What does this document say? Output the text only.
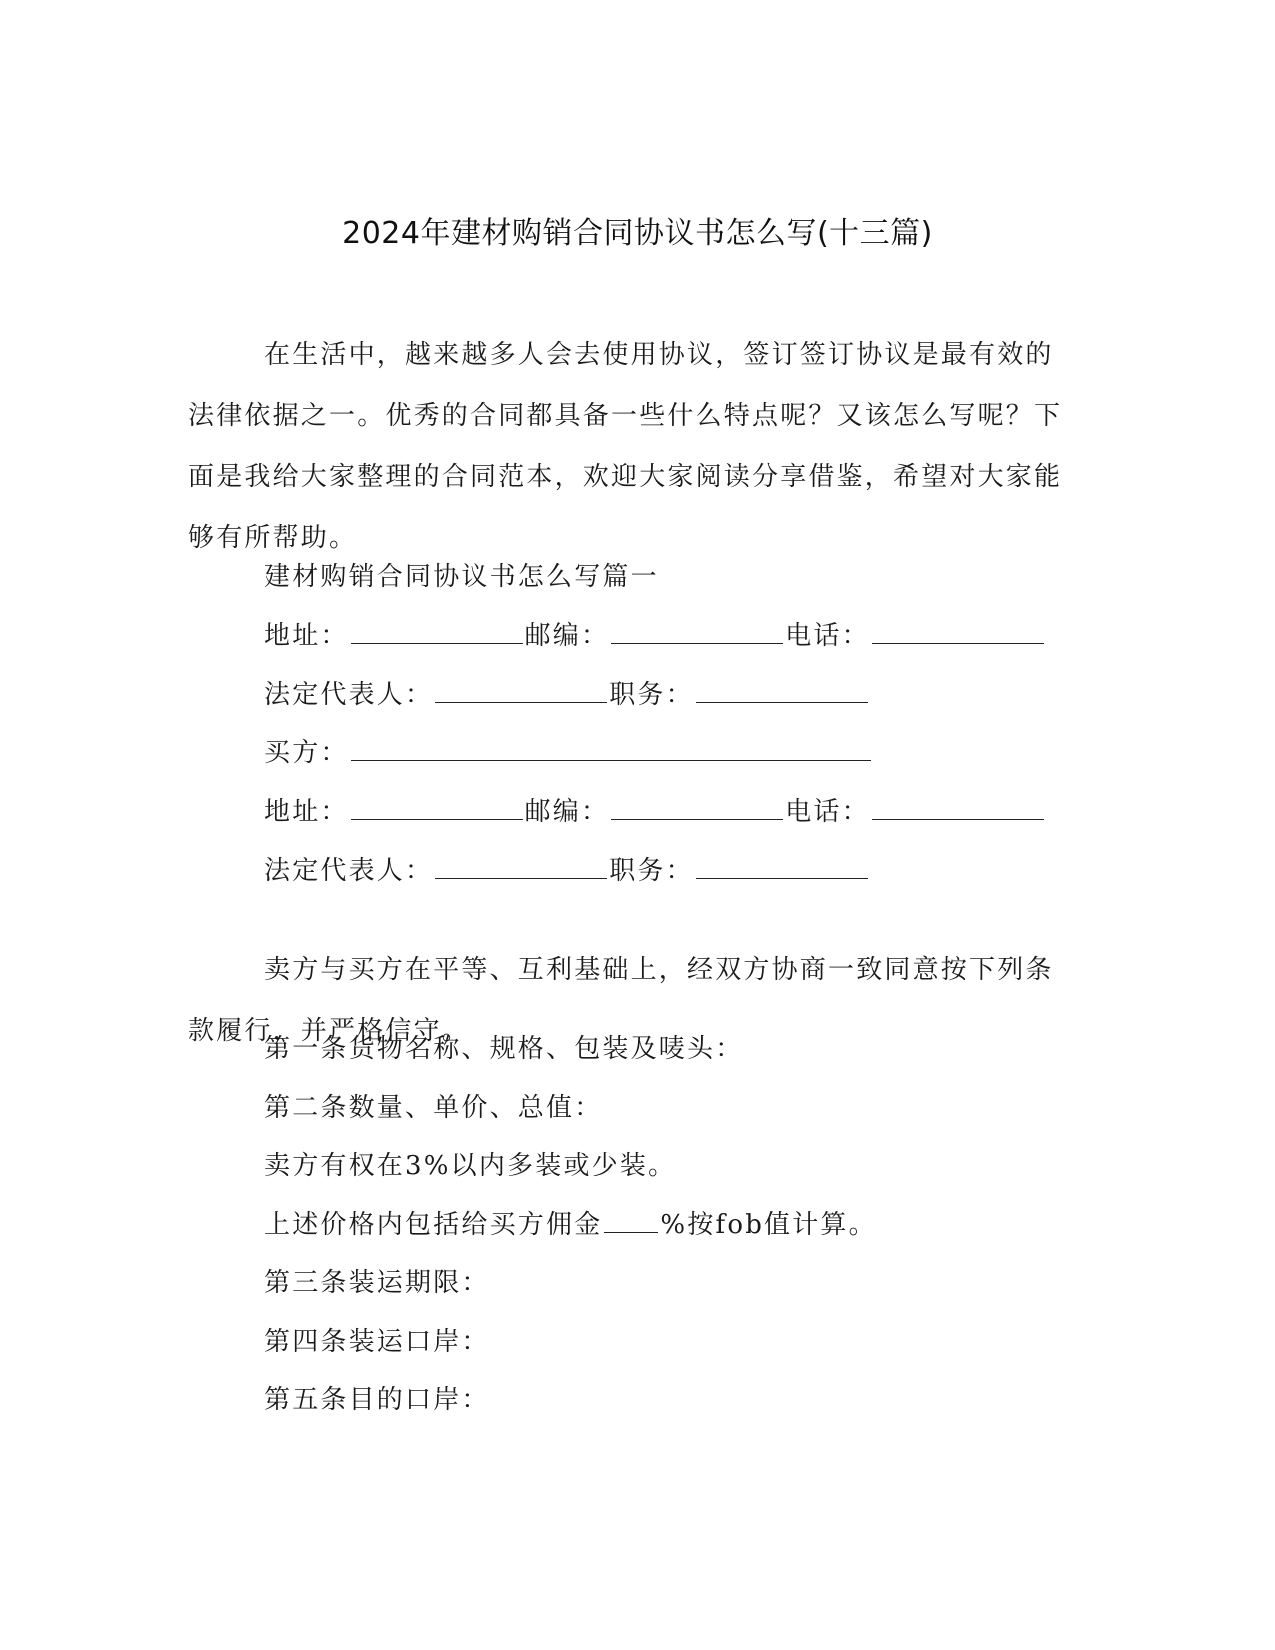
2024年建材购销合同协议书怎么写(十三篇)

在生活中，越来越多人会去使用协议，签订签订协议是最有效的法律依据之一。优秀的合同都具备一些什么特点呢？又该怎么写呢？下面是我给大家整理的合同范本，欢迎大家阅读分享借鉴，希望对大家能够有所帮助。

建材购销合同协议书怎么写篇一

地址：	邮编：	电话：

法定代表人：	职务：

买方：

地址：	邮编：	电话：

法定代表人：	职务：

卖方与买方在平等、互利基础上，经双方协商一致同意按下列条款履行，并严格信守。

第一条货物名称、规格、包装及唛头：

第二条数量、单价、总值：

卖方有权在3%以内多装或少装。

上述价格内包括给买方佣金 %按fob值计算。

第三条装运期限：

第四条装运口岸：

第五条目的口岸：
